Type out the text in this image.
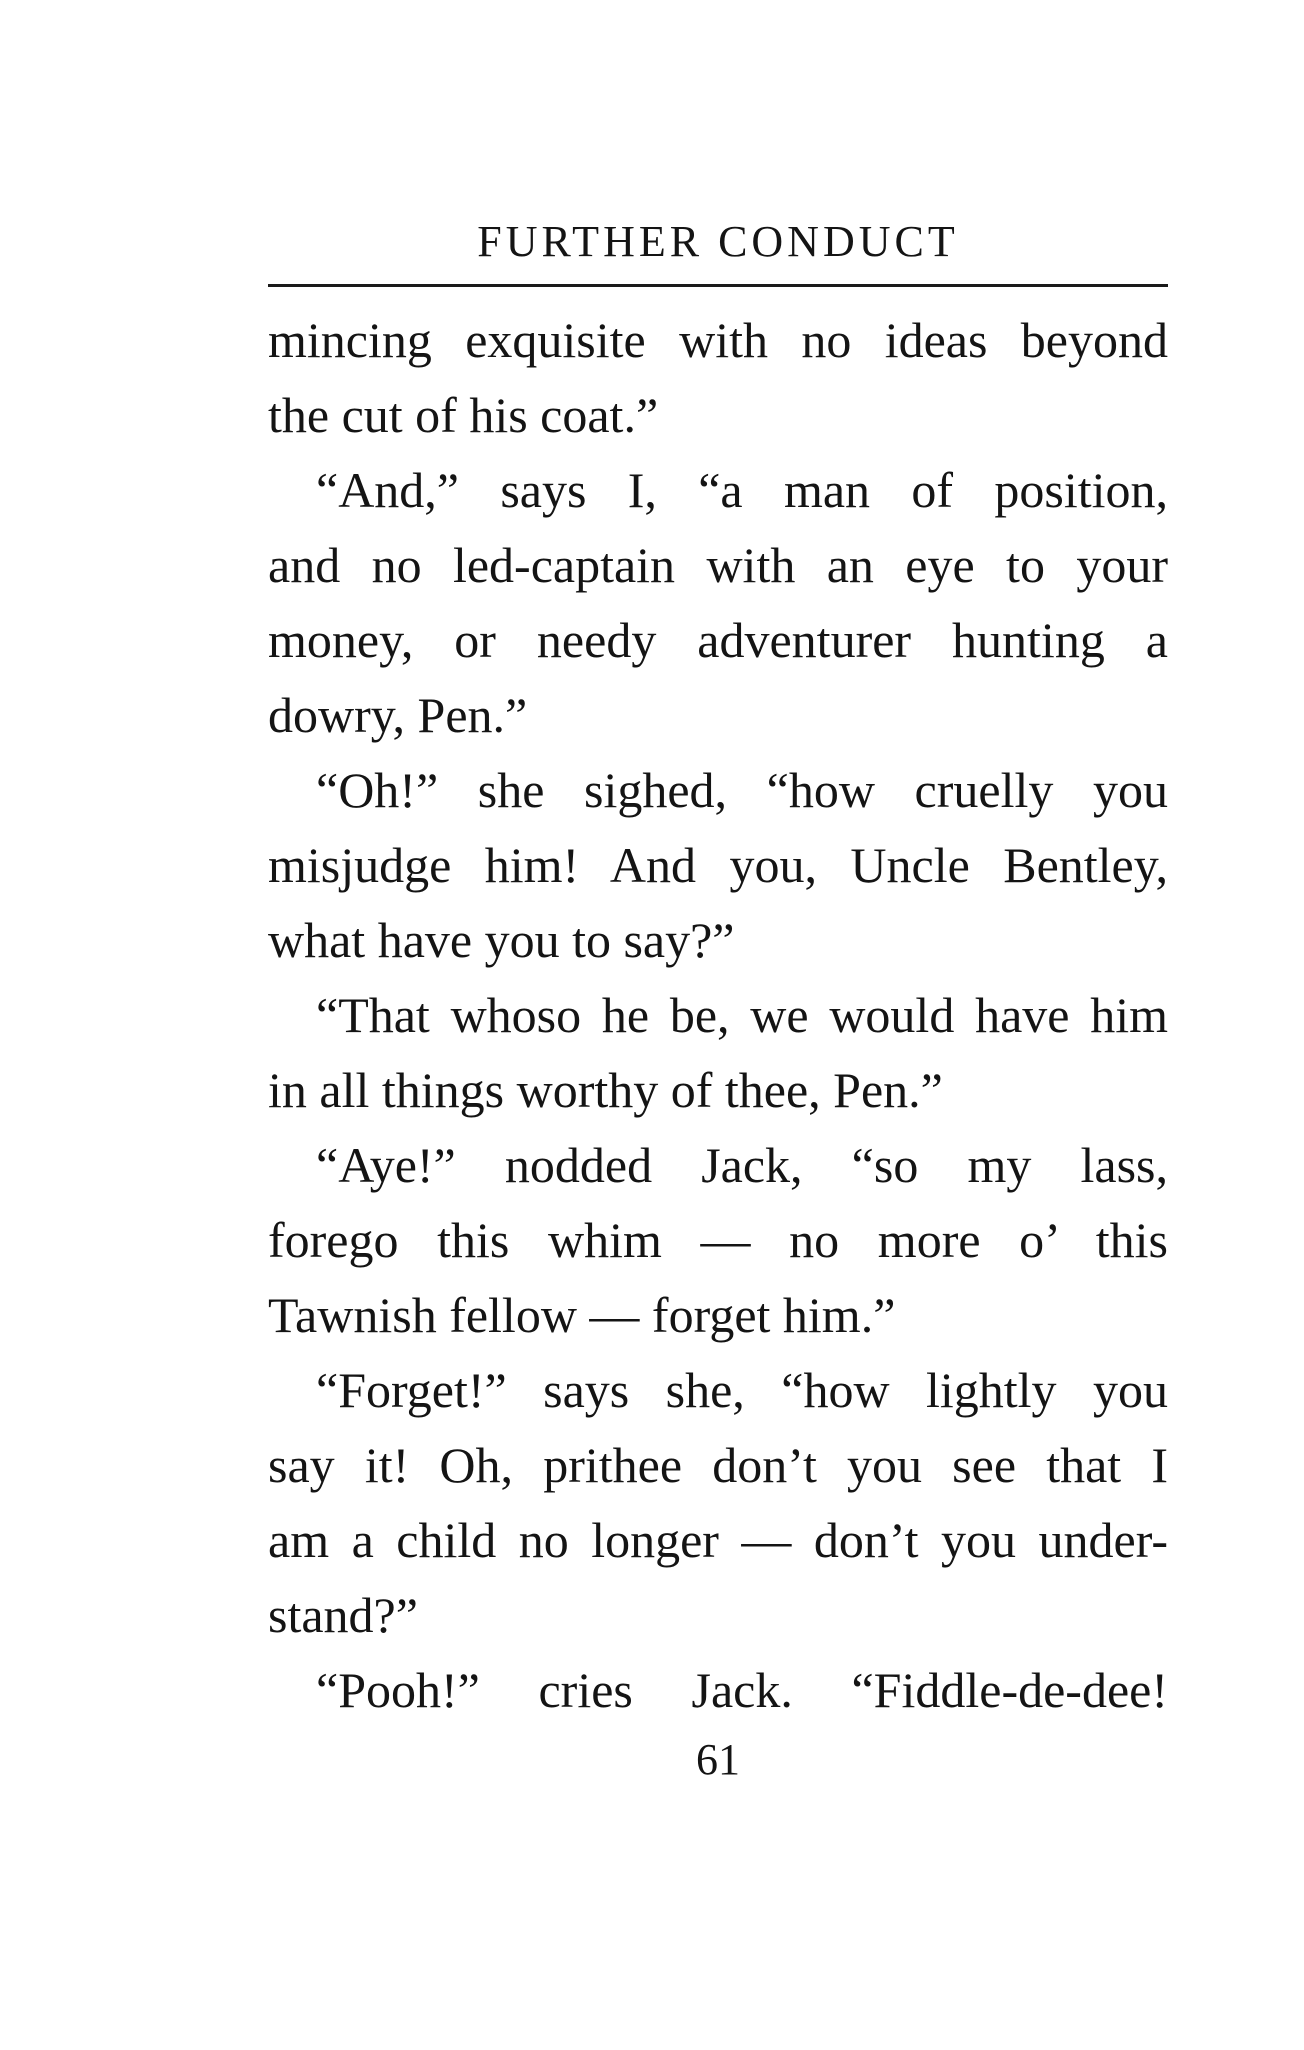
FURTHER CONDUCT
mincing exquisite with no ideas beyond
the cut of his coat.”
“And,” says I, “a man of position,
and no led-captain with an eye to your
money, or needy adventurer hunting a
dowry, Pen.”
“Oh!” she sighed, “how cruelly you
misjudge him! And you, Uncle Bentley,
what have you to say?”
“That whoso he be, we would have him
in all things worthy of thee, Pen.”
“Aye!” nodded Jack, “so my lass,
forego this whim — no more o’ this
Tawnish fellow — forget him.”
“Forget!” says she, “how lightly you
say it! Oh, prithee don’t you see that I
am a child no longer — don’t you under-
stand?”
“Pooh!” cries Jack. “Fiddle-de-dee!
61
